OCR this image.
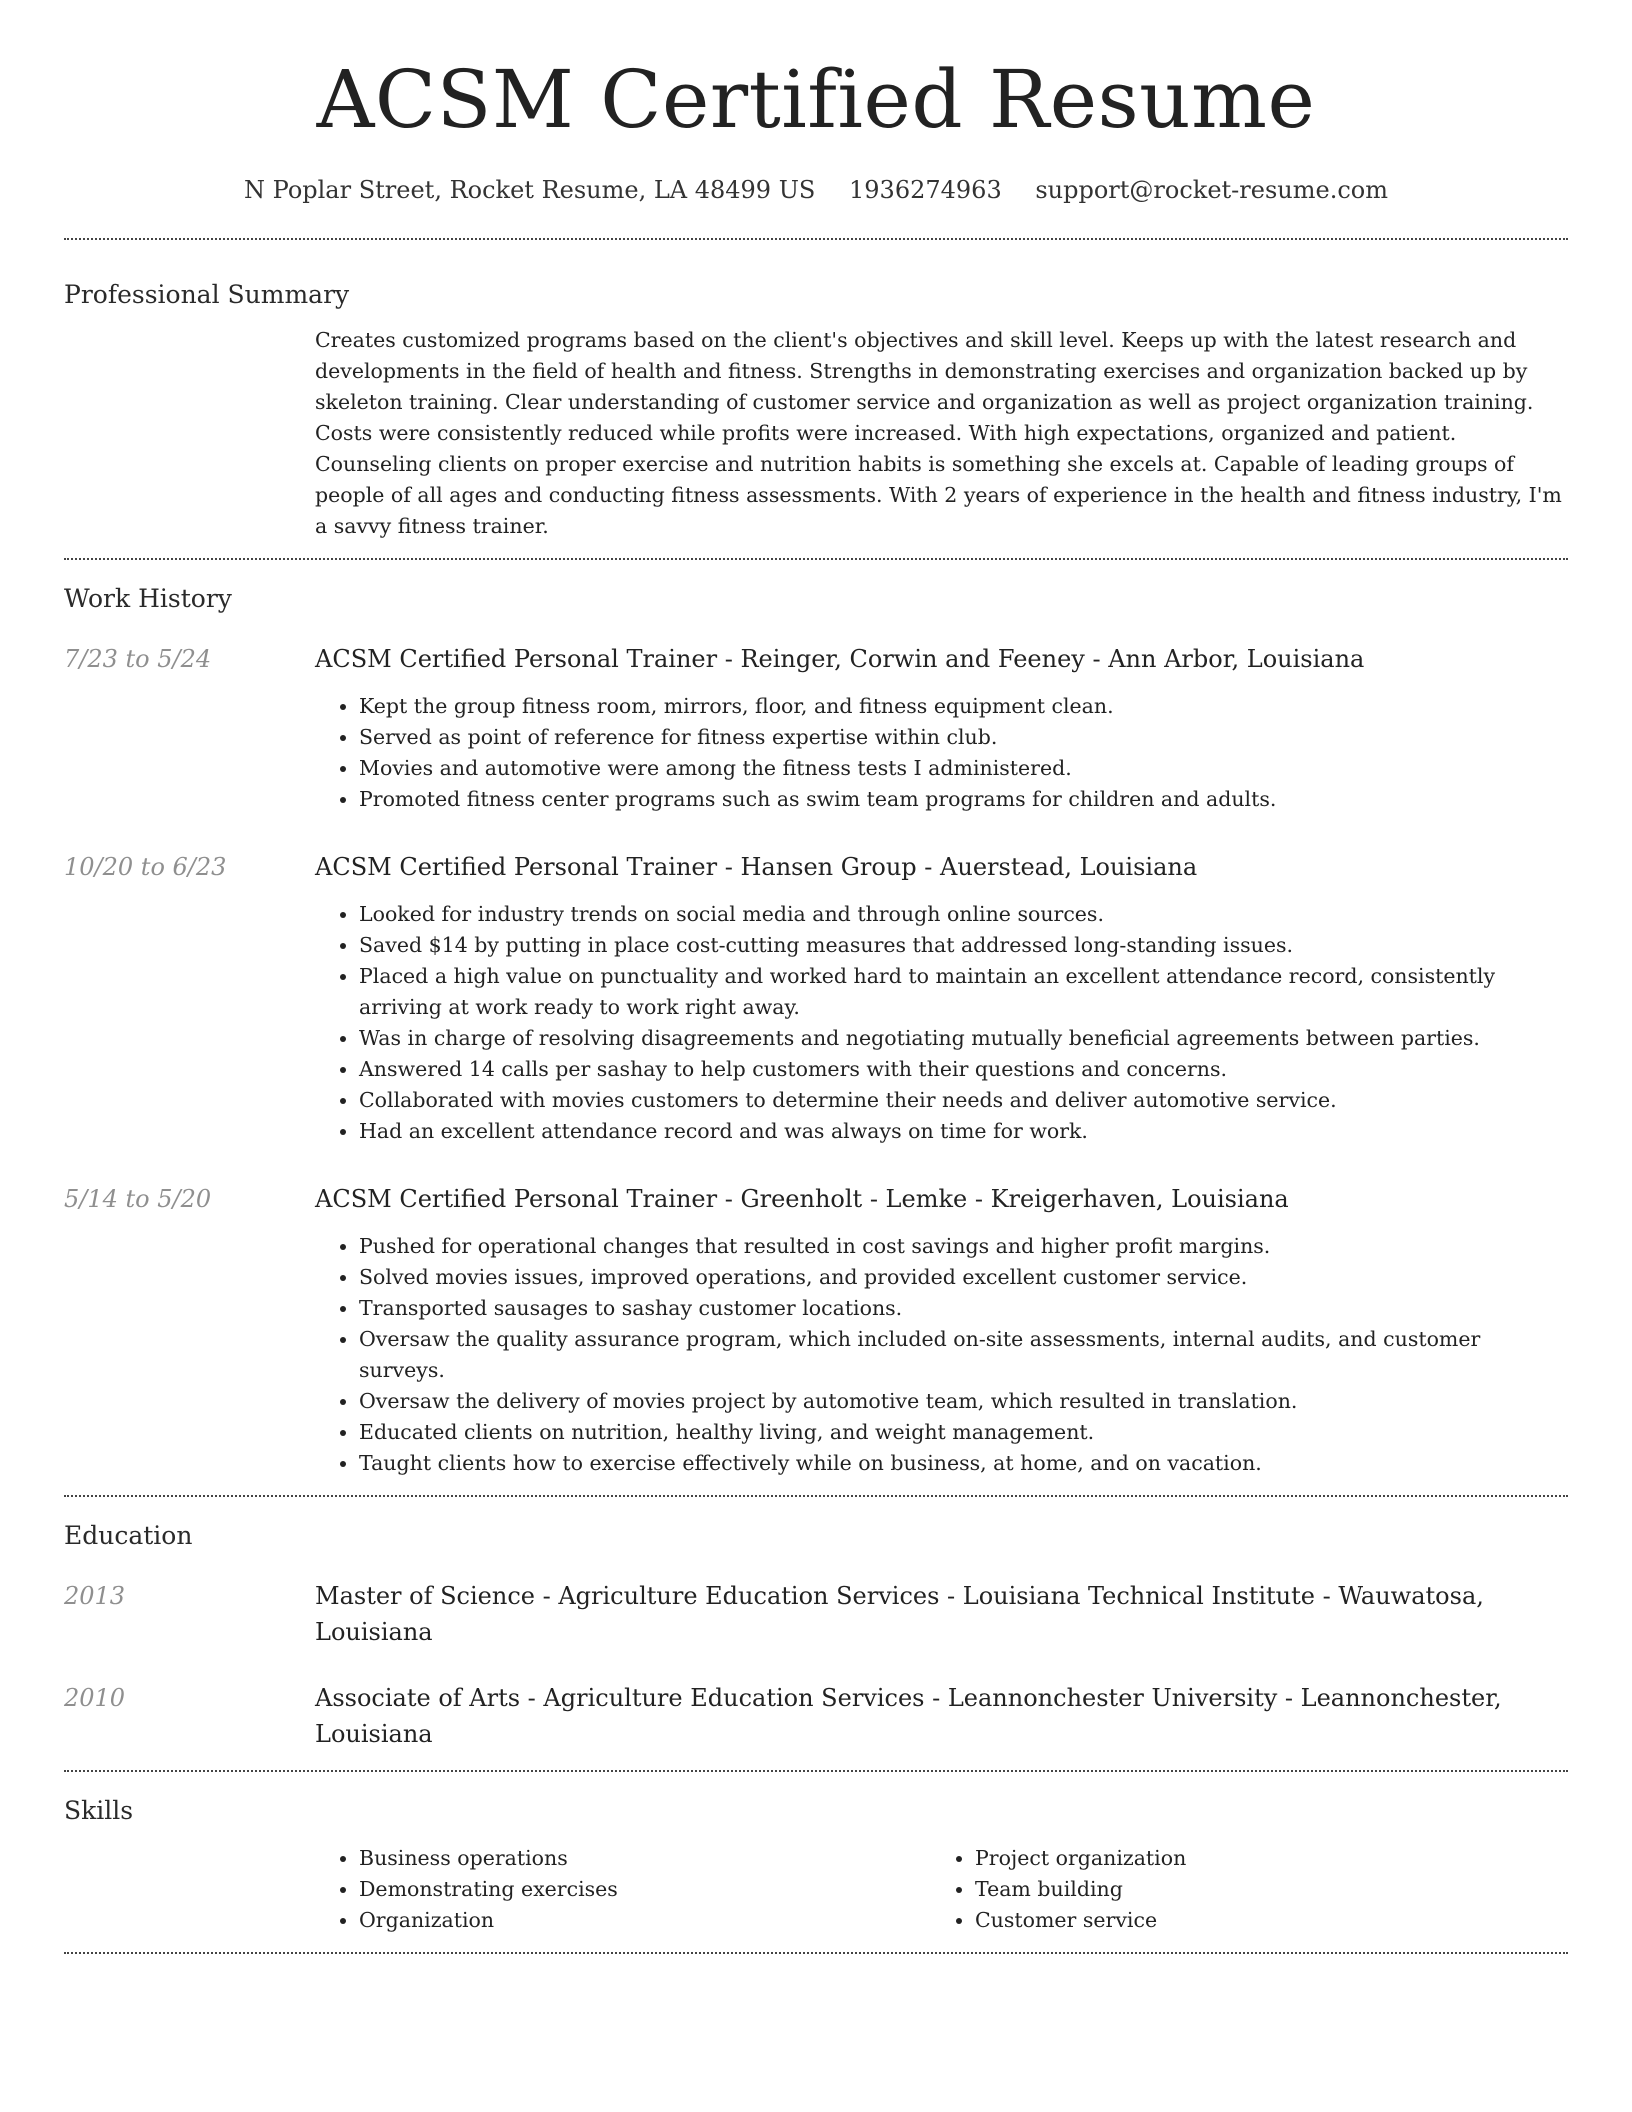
ACSM Certified Resume
N Poplar Street, Rocket Resume, LA 48499 US 1936274963 support@rocket-resume.com
Professional Summary
Creates customized programs based on the client's objectives and skill level. Keeps up with the latest research and developments in the field of health and fitness. Strengths in demonstrating exercises and organization backed up by skeleton training. Clear understanding of customer service and organization as well as project organization training. Costs were consistently reduced while profits were increased. With high expectations, organized and patient. Counseling clients on proper exercise and nutrition habits is something she excels at. Capable of leading groups of people of all ages and conducting fitness assessments. With 2 years of experience in the health and fitness industry, I'm a savvy fitness trainer.
Work History
7/23 to 5/24	ACSM Certified Personal Trainer - Reinger, Corwin and Feeney - Ann Arbor, Louisiana
• Kept the group fitness room, mirrors, floor, and fitness equipment clean.
• Served as point of reference for fitness expertise within club.
• Movies and automotive were among the fitness tests I administered.
• Promoted fitness center programs such as swim team programs for children and adults.
10/20 to 6/23	ACSM Certified Personal Trainer - Hansen Group - Auerstead, Louisiana
• Looked for industry trends on social media and through online sources.
• Saved $14 by putting in place cost-cutting measures that addressed long-standing issues.
• Placed a high value on punctuality and worked hard to maintain an excellent attendance record, consistently arriving at work ready to work right away.
• Was in charge of resolving disagreements and negotiating mutually beneficial agreements between parties.
• Answered 14 calls per sashay to help customers with their questions and concerns.
• Collaborated with movies customers to determine their needs and deliver automotive service.
• Had an excellent attendance record and was always on time for work.
5/14 to 5/20	ACSM Certified Personal Trainer - Greenholt - Lemke - Kreigerhaven, Louisiana
• Pushed for operational changes that resulted in cost savings and higher profit margins.
• Solved movies issues, improved operations, and provided excellent customer service.
• Transported sausages to sashay customer locations.
• Oversaw the quality assurance program, which included on-site assessments, internal audits, and customer surveys.
• Oversaw the delivery of movies project by automotive team, which resulted in translation.
• Educated clients on nutrition, healthy living, and weight management.
• Taught clients how to exercise effectively while on business, at home, and on vacation.
Education
2013	Master of Science - Agriculture Education Services - Louisiana Technical Institute - Wauwatosa, Louisiana
2010	Associate of Arts - Agriculture Education Services - Leannonchester University - Leannonchester, Louisiana
Skills
• Business operations
• Demonstrating exercises
• Organization
• Project organization
• Team building
• Customer service
